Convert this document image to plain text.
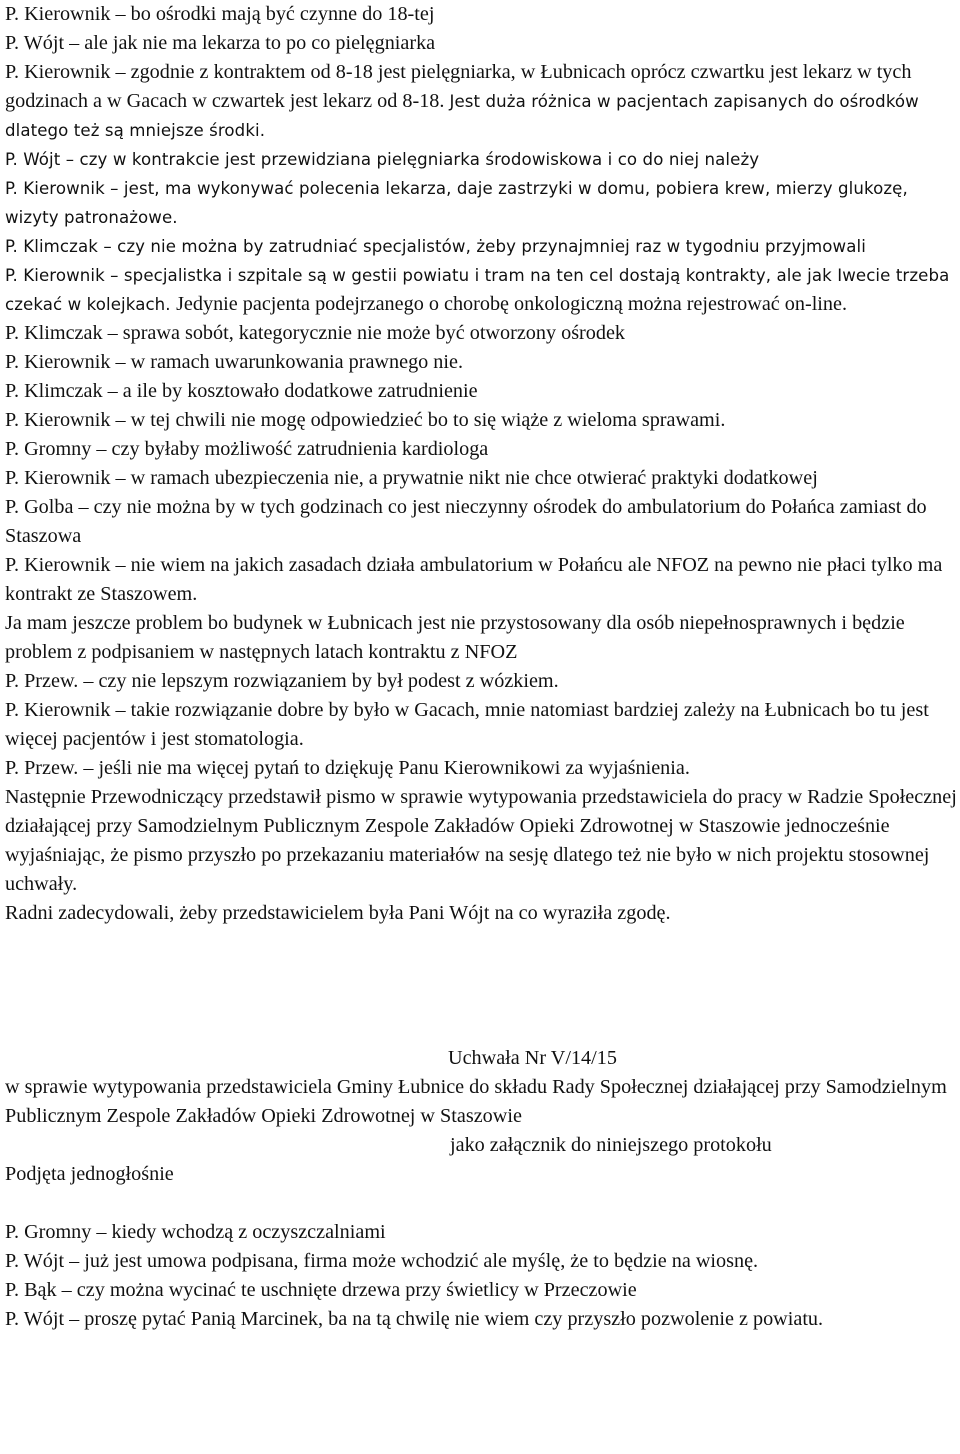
P. Kierownik – bo ośrodki mają być czynne do 18-tej

P. Wójt – ale jak nie ma lekarza to po co pielęgniarka

P. Kierownik – zgodnie z kontraktem od 8-18 jest pielęgniarka, w Łubnicach oprócz czwartku jest lekarz w tych godzinach a w Gacach w czwartek jest lekarz od 8-18. Jest duża różnica w pacjentach zapisanych do ośrodków dlatego też są mniejsze środki.

P. Wójt – czy w kontrakcie jest przewidziana pielęgniarka środowiskowa i co do niej należy

P. Kierownik – jest, ma wykonywać polecenia lekarza, daje zastrzyki w domu, pobiera krew, mierzy glukozę, wizyty patronażowe.

P. Klimczak – czy nie można by zatrudniać specjalistów, żeby przynajmniej raz w tygodniu przyjmowali

P. Kierownik – specjalistka i szpitale są w gestii powiatu i tram na ten cel dostają kontrakty, ale jak Iwecie trzeba czekać w kolejkach. Jedynie pacjenta podejrzanego o chorobę onkologiczną można rejestrować on-line.

P. Klimczak – sprawa sobót, kategorycznie nie może być otworzony ośrodek

P. Kierownik – w ramach uwarunkowania prawnego nie.

P. Klimczak – a ile by kosztowało dodatkowe zatrudnienie

P. Kierownik – w tej chwili nie mogę odpowiedzieć bo to się wiąże z wieloma sprawami.

P. Gromny – czy byłaby możliwość zatrudnienia kardiologa

P. Kierownik – w ramach ubezpieczenia nie, a prywatnie nikt nie chce otwierać praktyki dodatkowej

P. Golba – czy nie można by w tych godzinach co jest nieczynny ośrodek do ambulatorium do Połańca zamiast do Staszowa

P. Kierownik – nie wiem na jakich zasadach działa ambulatorium w Połańcu ale NFOZ na pewno nie płaci tylko ma kontrakt ze Staszowem.

Ja mam jeszcze problem bo budynek w Łubnicach jest nie przystosowany dla osób niepełnosprawnych i będzie problem z podpisaniem w następnych latach kontraktu z NFOZ

P. Przew. – czy nie lepszym rozwiązaniem by był podest z wózkiem.

P. Kierownik – takie rozwiązanie dobre by było w Gacach, mnie natomiast bardziej zależy na Łubnicach bo tu jest więcej pacjentów i jest stomatologia.

P. Przew. – jeśli nie ma więcej pytań to dziękuję Panu Kierownikowi za wyjaśnienia.

Następnie Przewodniczący przedstawił pismo w sprawie wytypowania przedstawiciela do pracy w Radzie Społecznej działającej przy Samodzielnym Publicznym Zespole Zakładów Opieki Zdrowotnej w Staszowie jednocześnie wyjaśniając, że pismo przyszło po przekazaniu materiałów na sesję dlatego też nie było w nich projektu stosownej uchwały.

Radni zadecydowali, żeby przedstawicielem była Pani Wójt na co wyraziła zgodę.

Uchwała Nr V/14/15

w sprawie wytypowania przedstawiciela Gminy Łubnice do składu Rady Społecznej działającej przy Samodzielnym Publicznym Zespole Zakładów Opieki Zdrowotnej w Staszowie

jako załącznik do niniejszego protokołu

Podjęta jednogłośnie

P. Gromny – kiedy wchodzą z oczyszczalniami

P. Wójt – już jest umowa podpisana, firma może wchodzić ale myślę, że to będzie na wiosnę.

P. Bąk – czy można wycinać te uschnięte drzewa przy świetlicy w Przeczowie

P. Wójt – proszę pytać Panią Marcinek, ba na tą chwilę nie wiem czy przyszło pozwolenie z powiatu.
